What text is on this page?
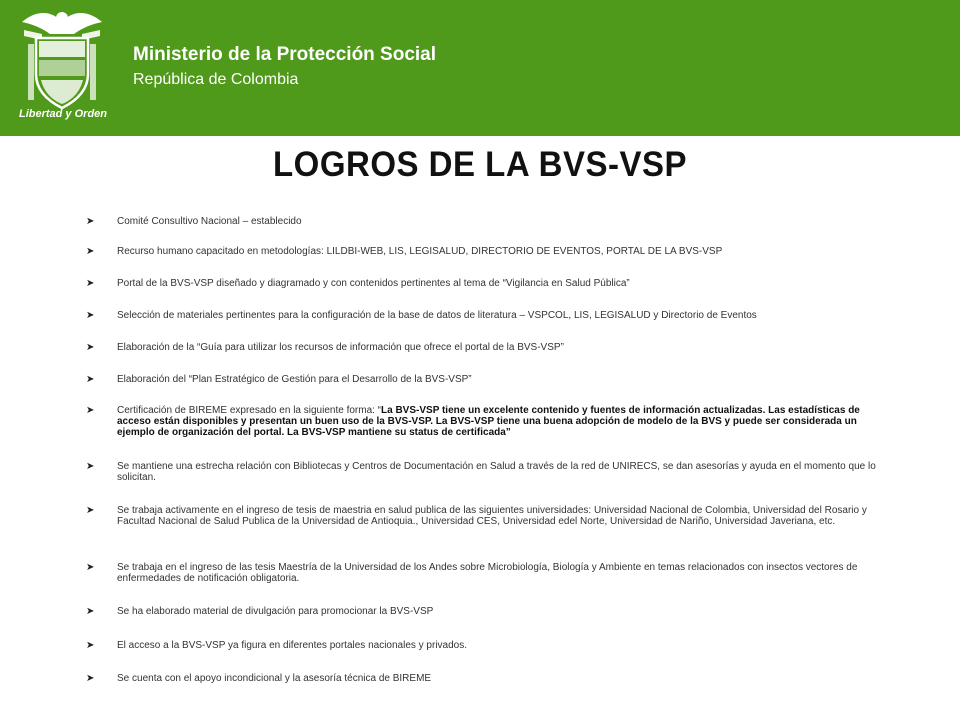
Libertad y Orden
Ministerio de la Protección Social
República de Colombia
LOGROS DE LA BVS-VSP
➤ Comité Consultivo Nacional – establecido
➤ Recurso humano capacitado en metodologías: LILDBI-WEB, LIS, LEGISALUD, DIRECTORIO DE EVENTOS, PORTAL DE LA BVS-VSP
➤ Portal de la BVS-VSP diseñado y diagramado y con contenidos pertinentes al tema de “Vigilancia en Salud Pública”
➤ Selección de materiales pertinentes para la configuración de la base de datos de literatura – VSPCOL, LIS, LEGISALUD y Directorio de Eventos
➤ Elaboración de la “Guía para utilizar los recursos de información que ofrece el portal de la BVS-VSP”
➤ Elaboración del “Plan Estratégico de Gestión para el Desarrollo de la BVS-VSP”
➤ Certificación de BIREME expresado en la siguiente forma: “La BVS-VSP tiene un excelente contenido y fuentes de información actualizadas. Las estadísticas de acceso están disponibles y presentan un buen uso de la BVS-VSP. La BVS-VSP tiene una buena adopción de modelo de la BVS y puede ser considerada un ejemplo de organización del portal. La BVS-VSP mantiene su status de certificada”
➤ Se mantiene una estrecha relación con Bibliotecas y Centros de Documentación en Salud a través de la red de UNIRECS, se dan asesorías y ayuda en el momento que lo solicitan.
➤ Se trabaja activamente en el ingreso de tesis de maestria en salud publica de las siguientes universidades: Universidad Nacional de Colombia, Universidad del Rosario y Facultad Nacional de Salud Publica de la Universidad de Antioquia., Universidad CES, Universidad edel Norte, Universidad de Nariño, Universidad Javeriana, etc.
➤ Se trabaja en el ingreso de las tesis Maestría de la Universidad de los Andes sobre Microbiología, Biología y Ambiente en temas relacionados con insectos vectores de enfermedades de notificación obligatoria.
➤ Se ha elaborado material de divulgación para promocionar la BVS-VSP
➤ El acceso a la BVS-VSP ya figura en diferentes portales nacionales y privados.
➤ Se cuenta con el apoyo incondicional y la asesoría técnica de BIREME
